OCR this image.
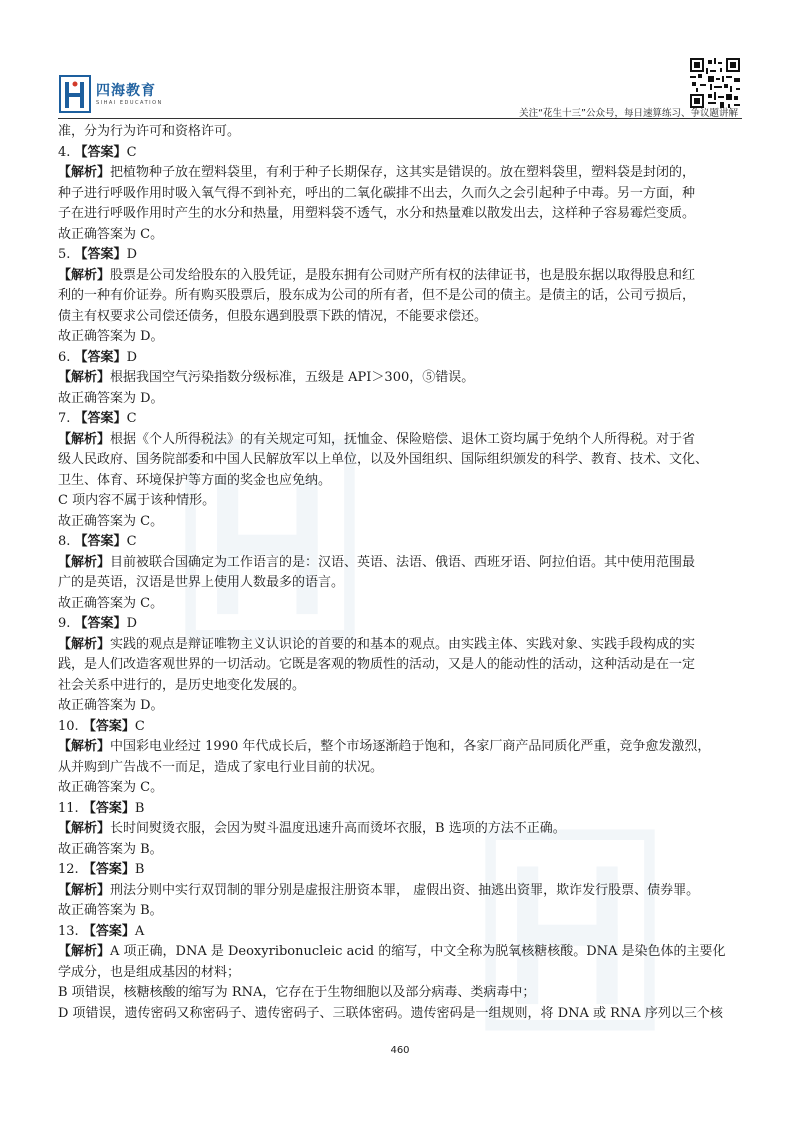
四海教育
SIHAI EDUCATION
关注“花生十三”公众号，每日速算练习、争议题讲解
准，分为行为许可和资格许可。
4. 【答案】C
【解析】把植物种子放在塑料袋里，有利于种子长期保存，这其实是错误的。放在塑料袋里，塑料袋是封闭的，
种子进行呼吸作用时吸入氧气得不到补充，呼出的二氧化碳排不出去，久而久之会引起种子中毒。另一方面，种
子在进行呼吸作用时产生的水分和热量，用塑料袋不透气，水分和热量难以散发出去，这样种子容易霉烂变质。
故正确答案为 C。
5. 【答案】D
【解析】股票是公司发给股东的入股凭证，是股东拥有公司财产所有权的法律证书，也是股东据以取得股息和红
利的一种有价证券。所有购买股票后，股东成为公司的所有者，但不是公司的债主。是债主的话，公司亏损后，
债主有权要求公司偿还债务，但股东遇到股票下跌的情况，不能要求偿还。
故正确答案为 D。
6. 【答案】D
【解析】根据我国空气污染指数分级标准，五级是 API＞300，⑤错误。
故正确答案为 D。
7. 【答案】C
【解析】根据《个人所得税法》的有关规定可知，抚恤金、保险赔偿、退休工资均属于免纳个人所得税。对于省
级人民政府、国务院部委和中国人民解放军以上单位，以及外国组织、国际组织颁发的科学、教育、技术、文化、
卫生、体育、环境保护等方面的奖金也应免纳。
C 项内容不属于该种情形。
故正确答案为 C。
8. 【答案】C
【解析】目前被联合国确定为工作语言的是：汉语、英语、法语、俄语、西班牙语、阿拉伯语。其中使用范围最
广的是英语，汉语是世界上使用人数最多的语言。
故正确答案为 C。
9. 【答案】D
【解析】实践的观点是辩证唯物主义认识论的首要的和基本的观点。由实践主体、实践对象、实践手段构成的实
践，是人们改造客观世界的一切活动。它既是客观的物质性的活动，又是人的能动性的活动，这种活动是在一定
社会关系中进行的，是历史地变化发展的。
故正确答案为 D。
10. 【答案】C
【解析】中国彩电业经过 1990 年代成长后，整个市场逐渐趋于饱和，各家厂商产品同质化严重，竞争愈发激烈，
从并购到广告战不一而足，造成了家电行业目前的状况。
故正确答案为 C。
11. 【答案】B
【解析】长时间熨烫衣服，会因为熨斗温度迅速升高而烫坏衣服，B 选项的方法不正确。
故正确答案为 B。
12. 【答案】B
【解析】刑法分则中实行双罚制的罪分别是虚报注册资本罪， 虚假出资、抽逃出资罪，欺诈发行股票、债券罪。
故正确答案为 B。
13. 【答案】A
【解析】A 项正确，DNA 是 Deoxyribonucleic acid 的缩写，中文全称为脱氧核糖核酸。DNA 是染色体的主要化
学成分，也是组成基因的材料；
B 项错误，核糖核酸的缩写为 RNA，它存在于生物细胞以及部分病毒、类病毒中；
D 项错误，遗传密码又称密码子、遗传密码子、三联体密码。遗传密码是一组规则，将 DNA 或 RNA 序列以三个核
460
